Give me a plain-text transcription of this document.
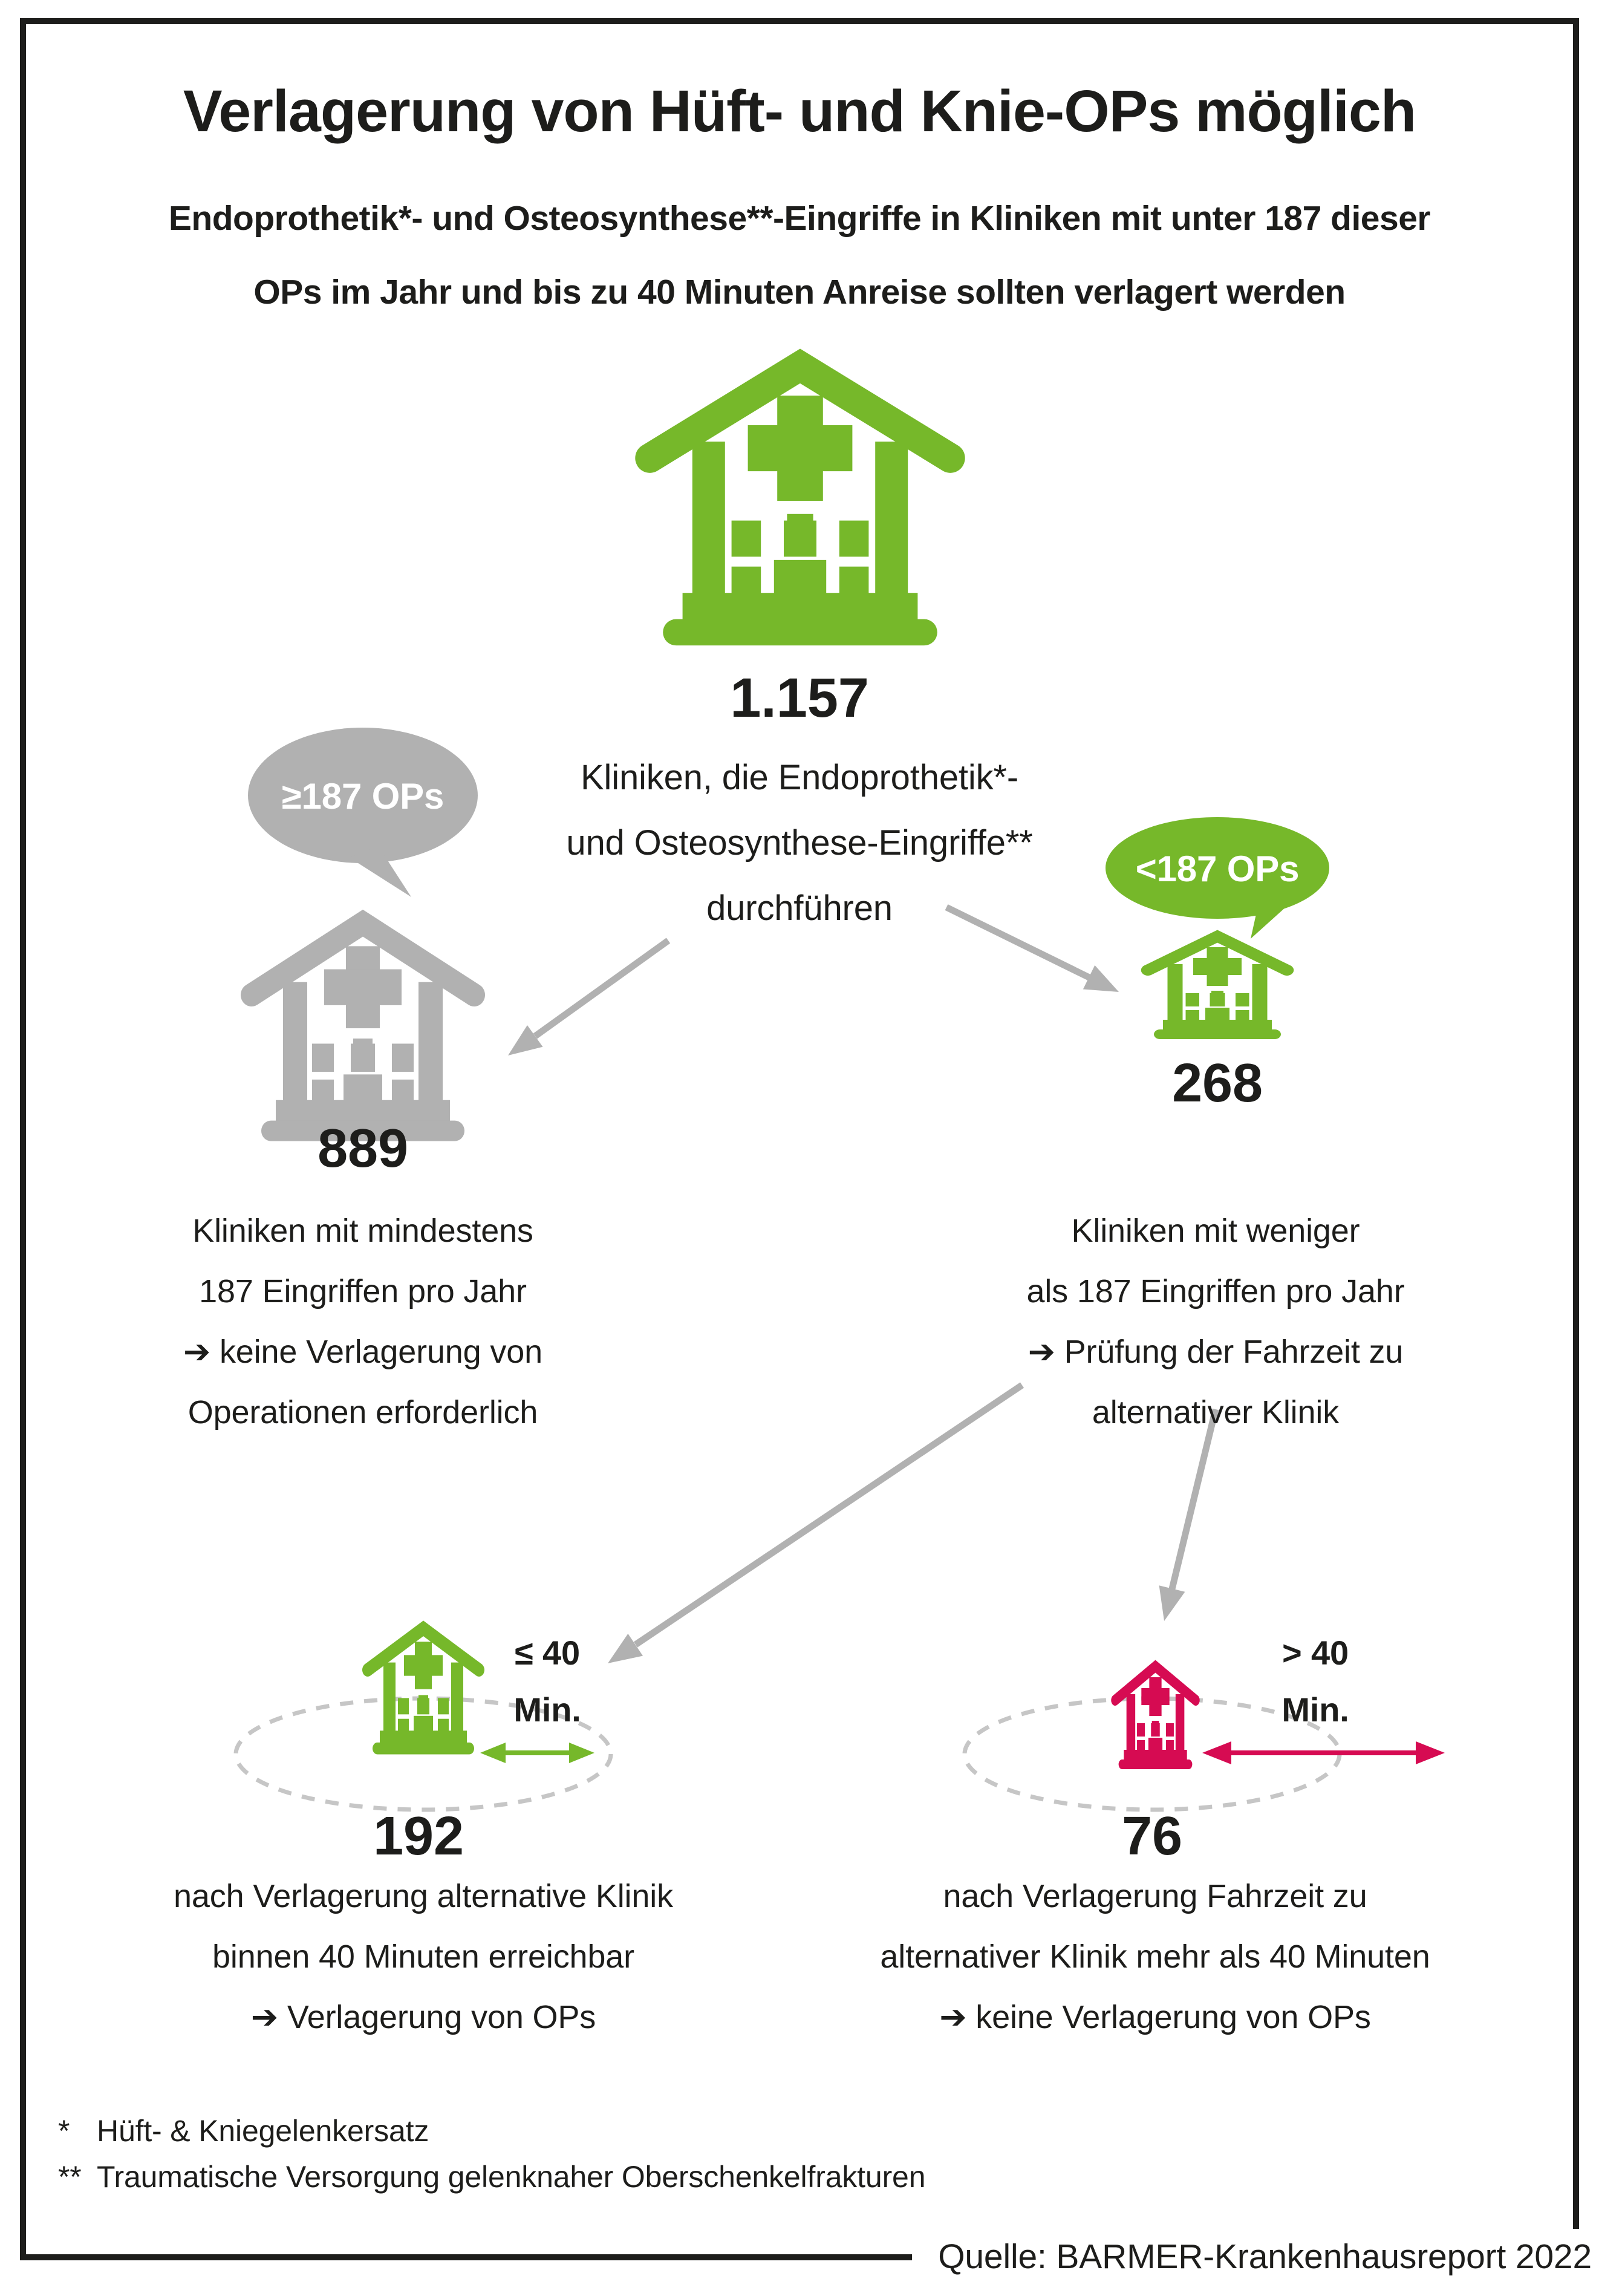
Verlagerung von Hüft- und Knie-OPs möglich
Endoprothetik*- und Osteosynthese**-Eingriffe in Kliniken mit unter 187 dieser
OPs im Jahr und bis zu 40 Minuten Anreise sollten verlagert werden
1.157
Kliniken, die Endoprothetik*-
und Osteosynthese-Eingriffe**
durchführen
≥187 OPs
<187 OPs
889
Kliniken mit mindestens
187 Eingriffen pro Jahr
➔ keine Verlagerung von
Operationen erforderlich
268
Kliniken mit weniger
als 187 Eingriffen pro Jahr
➔ Prüfung der Fahrzeit zu
alternativer Klinik
≤ 40
Min.
> 40
Min.
192
nach Verlagerung alternative Klinik
binnen 40 Minuten erreichbar
➔ Verlagerung von OPs
76
nach Verlagerung Fahrzeit zu
alternativer Klinik mehr als 40 Minuten
➔ keine Verlagerung von OPs
* Hüft- & Kniegelenkersatz
** Traumatische Versorgung gelenknaher Oberschenkelfrakturen
Quelle: BARMER-Krankenhausreport 2022
